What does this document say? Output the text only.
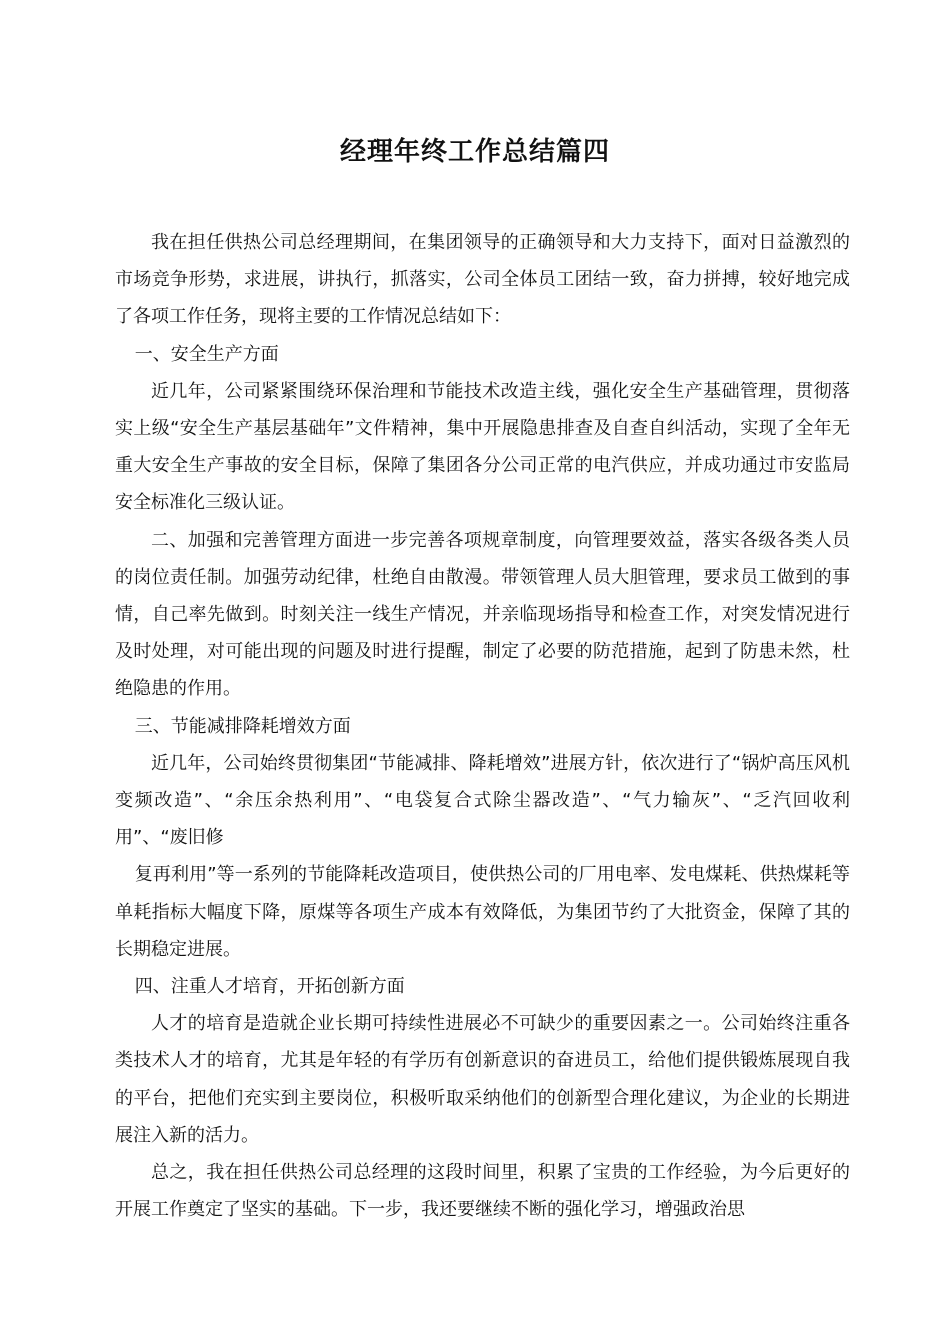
经理年终工作总结篇四

我在担任供热公司总经理期间，在集团领导的正确领导和大力支持下，面对日益激烈的市场竞争形势，求进展，讲执行，抓落实，公司全体员工团结一致，奋力拼搏，较好地完成了各项工作任务，现将主要的工作情况总结如下：

一、安全生产方面

近几年，公司紧紧围绕环保治理和节能技术改造主线，强化安全生产基础管理，贯彻落实上级“安全生产基层基础年”文件精神，集中开展隐患排查及自查自纠活动，实现了全年无重大安全生产事故的安全目标，保障了集团各分公司正常的电汽供应，并成功通过市安监局安全标准化三级认证。

二、加强和完善管理方面进一步完善各项规章制度，向管理要效益，落实各级各类人员的岗位责任制。加强劳动纪律，杜绝自由散漫。带领管理人员大胆管理，要求员工做到的事情，自己率先做到。时刻关注一线生产情况，并亲临现场指导和检查工作，对突发情况进行及时处理，对可能出现的问题及时进行提醒，制定了必要的防范措施，起到了防患未然，杜绝隐患的作用。

三、节能减排降耗增效方面

近几年，公司始终贯彻集团“节能减排、降耗增效”进展方针，依次进行了“锅炉高压风机变频改造”、“余压余热利用”、“电袋复合式除尘器改造”、“气力输灰”、“乏汽回收利用”、“废旧修

复再利用”等一系列的节能降耗改造项目，使供热公司的厂用电率、发电煤耗、供热煤耗等单耗指标大幅度下降，原煤等各项生产成本有效降低，为集团节约了大批资金，保障了其的长期稳定进展。

四、注重人才培育，开拓创新方面

人才的培育是造就企业长期可持续性进展必不可缺少的重要因素之一。公司始终注重各类技术人才的培育，尤其是年轻的有学历有创新意识的奋进员工，给他们提供锻炼展现自我的平台，把他们充实到主要岗位，积极听取采纳他们的创新型合理化建议，为企业的长期进展注入新的活力。

总之，我在担任供热公司总经理的这段时间里，积累了宝贵的工作经验，为今后更好的开展工作奠定了坚实的基础。下一步，我还要继续不断的强化学习，增强政治思
